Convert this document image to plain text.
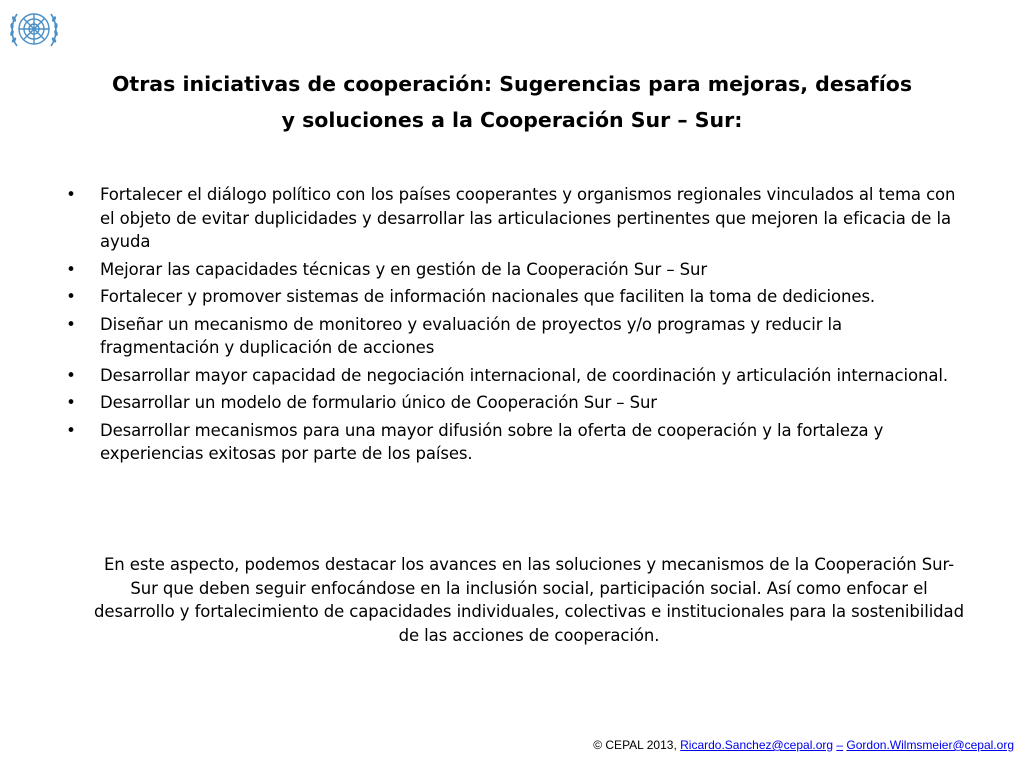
Otras iniciativas de cooperación: Sugerencias para mejoras, desafíos
y soluciones a la Cooperación Sur – Sur:
• Fortalecer el diálogo político con los países cooperantes y organismos regionales vinculados al tema con el objeto de evitar duplicidades y desarrollar las articulaciones pertinentes que mejoren la eficacia de la ayuda
• Mejorar las capacidades técnicas y en gestión de la Cooperación Sur – Sur
• Fortalecer y promover sistemas de información nacionales que faciliten la toma de dediciones.
• Diseñar un mecanismo de monitoreo y evaluación de proyectos y/o programas y reducir la fragmentación y duplicación de acciones
• Desarrollar mayor capacidad de negociación internacional, de coordinación y articulación internacional.
• Desarrollar un modelo de formulario único de Cooperación Sur – Sur
• Desarrollar mecanismos para una mayor difusión sobre la oferta de cooperación y la fortaleza y experiencias exitosas por parte de los países.

En este aspecto, podemos destacar los avances en las soluciones y mecanismos de la Cooperación Sur-Sur que deben seguir enfocándose en la inclusión social, participación social. Así como enfocar el desarrollo y fortalecimiento de capacidades individuales, colectivas e institucionales para la sostenibilidad de las acciones de cooperación.

© CEPAL 2013, Ricardo.Sanchez@cepal.org – Gordon.Wilmsmeier@cepal.org
